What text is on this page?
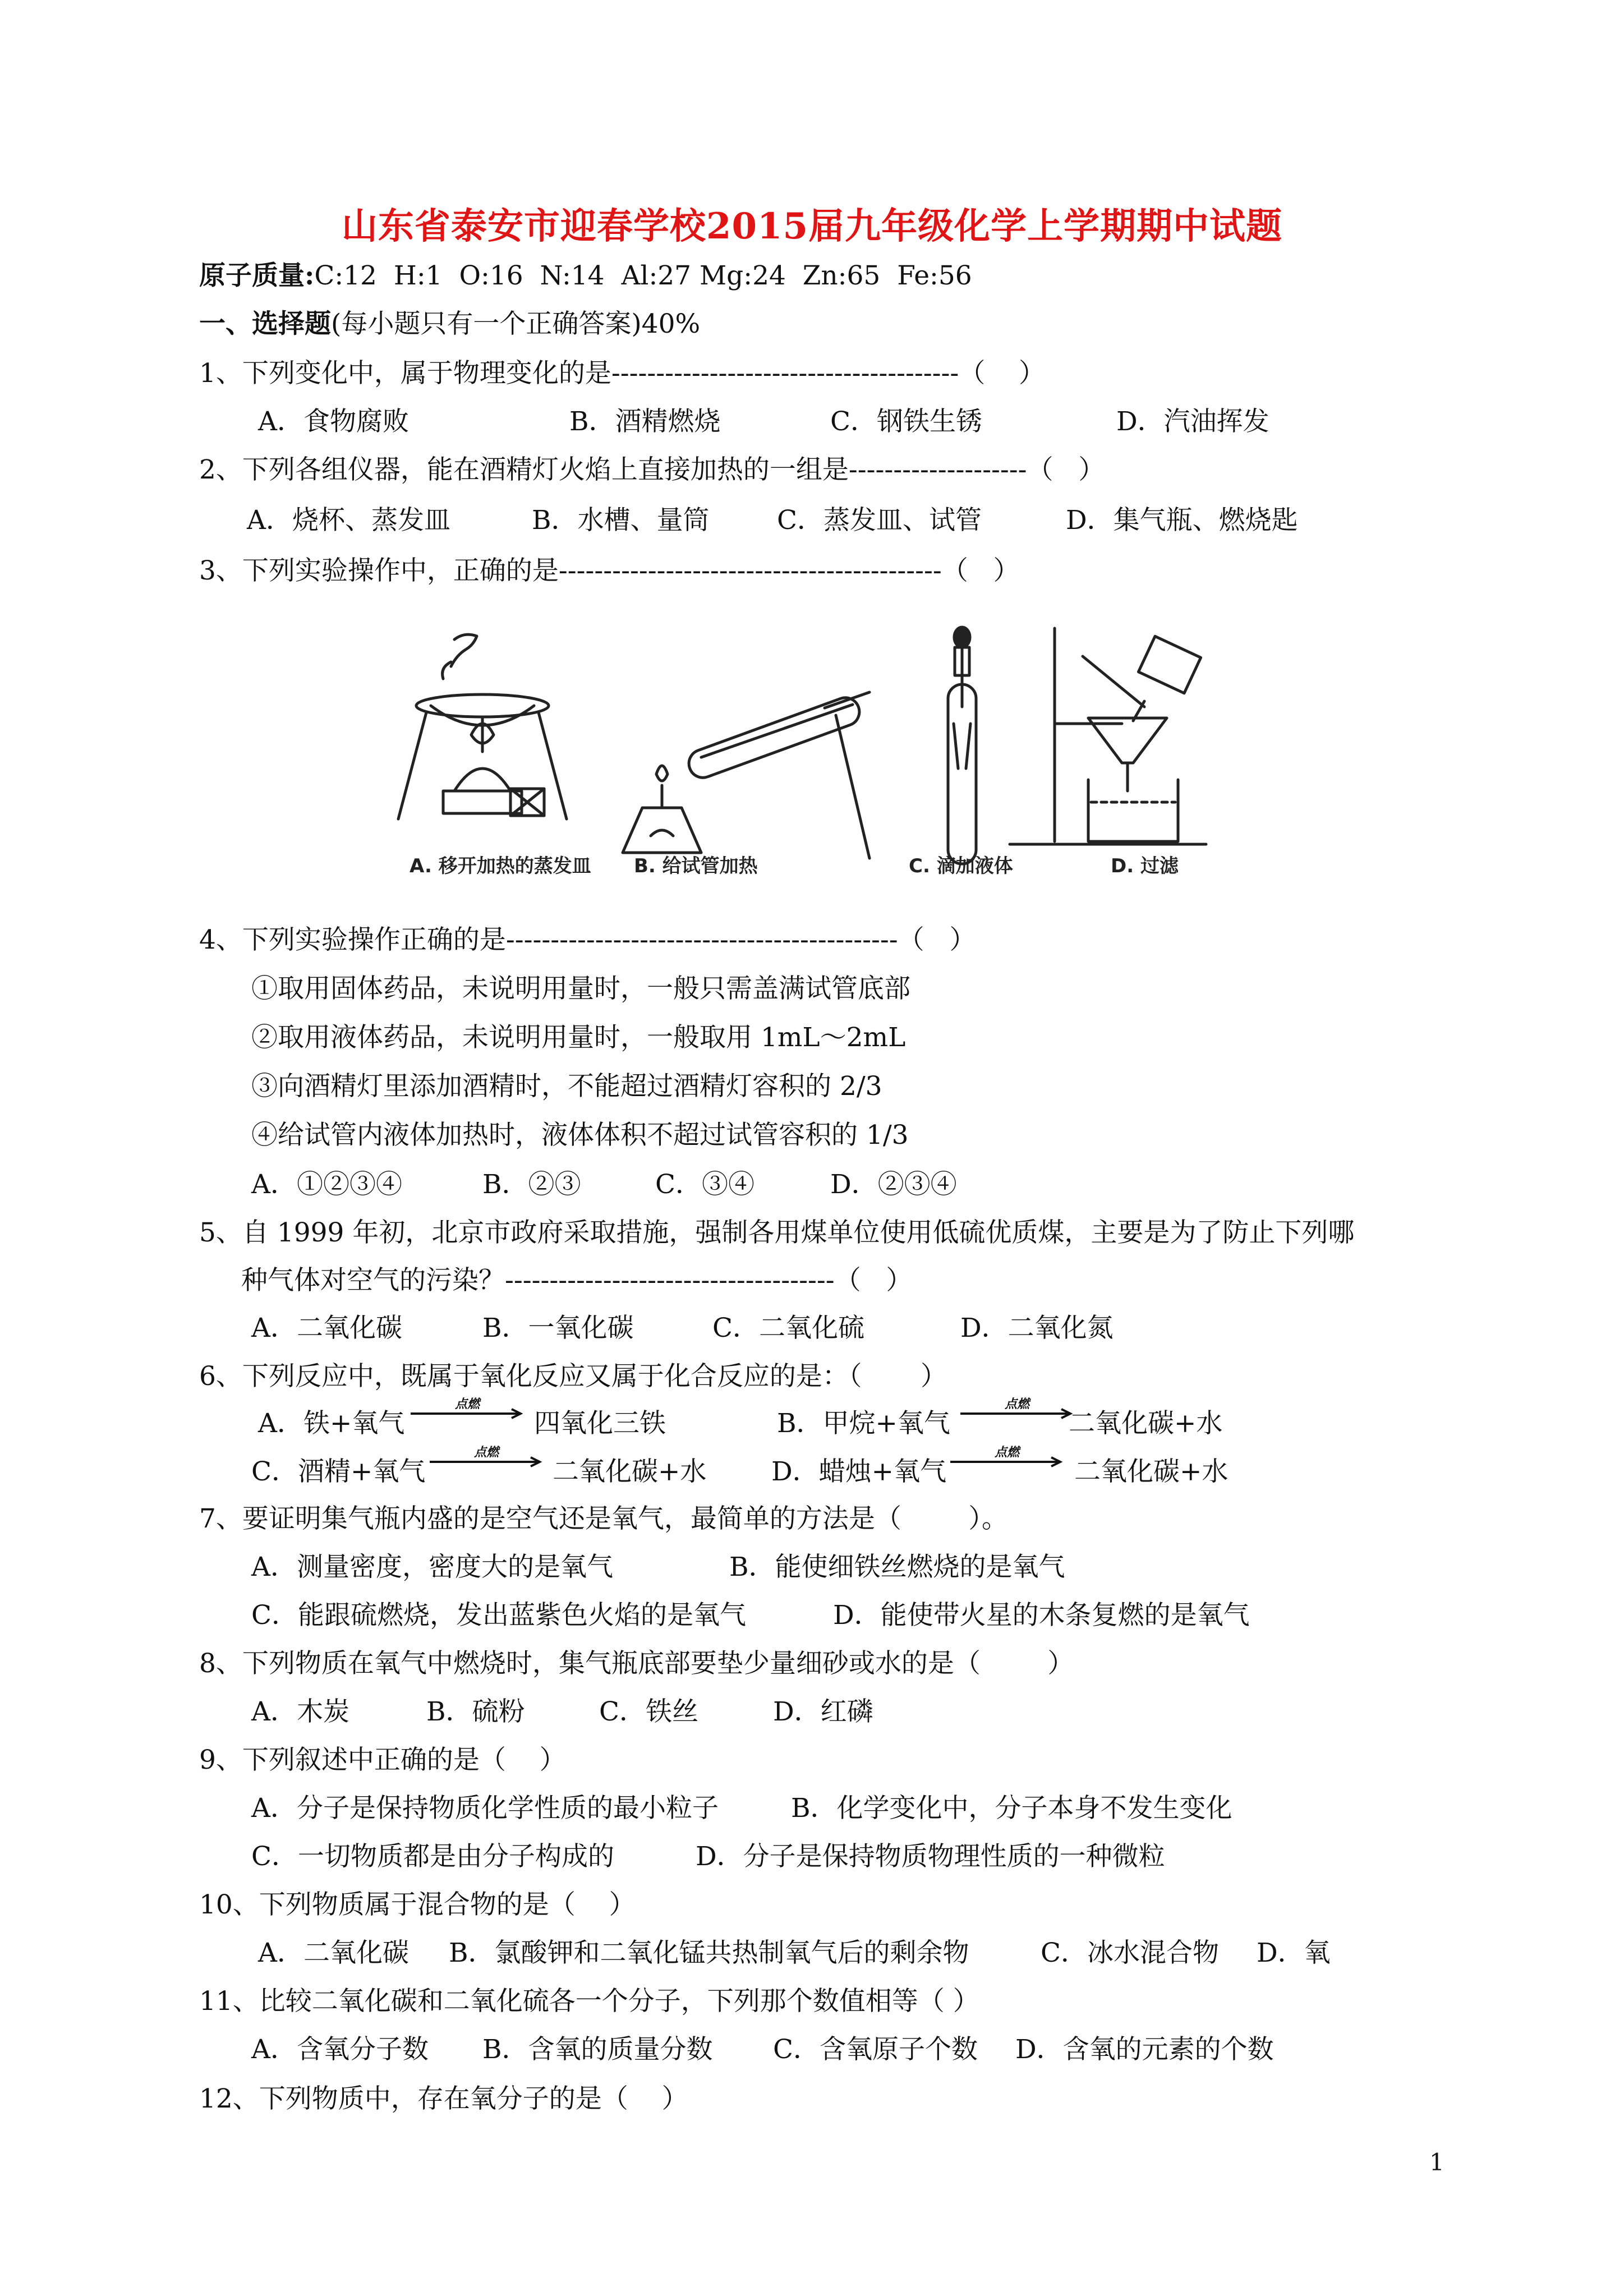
山东省泰安市迎春学校2015届九年级化学上学期期中试题
原子质量:C:12  H:1  O:16  N:14  Al:27 Mg:24  Zn:65  Fe:56
一、选择题(每小题只有一个正确答案)40%
1、下列变化中，属于物理变化的是---------------------------------------（    ）
A．食物腐败	B．酒精燃烧	C．钢铁生锈	D．汽油挥发
2、下列各组仪器，能在酒精灯火焰上直接加热的一组是--------------------（   ）
A．烧杯、蒸发皿	B．水槽、量筒	C．蒸发皿、试管	D．集气瓶、燃烧匙
3、下列实验操作中，正确的是-------------------------------------------（   ）
A. 移开加热的蒸发皿 B. 给试管加热	C. 滴加液体	D. 过滤
4、下列实验操作正确的是--------------------------------------------（   ）
①取用固体药品，未说明用量时，一般只需盖满试管底部
②取用液体药品，未说明用量时，一般取用 1mL～2mL
③向酒精灯里添加酒精时，不能超过酒精灯容积的 2/3
④给试管内液体加热时，液体体积不超过试管容积的 1/3
A．①②③④	B．②③	C．③④	D．②③④
5、自 1999 年初，北京市政府采取措施，强制各用煤单位使用低硫优质煤，主要是为了防止下列哪
种气体对空气的污染？-------------------------------------（   ）
A．二氧化碳	B．一氧化碳	C．二氧化硫	D．二氧化氮
6、下列反应中，既属于氧化反应又属于化合反应的是：（       ）
A．铁+氧气
点燃
四氧化三铁	B．甲烷+氧气
点燃
二氧化碳+水
C．酒精+氧气
点燃
二氧化碳+水 D．蜡烛+氧气
点燃
二氧化碳+水
7、要证明集气瓶内盛的是空气还是氧气，最简单的方法是（        ）。
A．测量密度，密度大的是氧气	B．能使细铁丝燃烧的是氧气
C．能跟硫燃烧，发出蓝紫色火焰的是氧气	D．能使带火星的木条复燃的是氧气
8、下列物质在氧气中燃烧时，集气瓶底部要垫少量细砂或水的是（        ）
A．木炭	B．硫粉	C．铁丝	D．红磷
9、下列叙述中正确的是（    ）
A．分子是保持物质化学性质的最小粒子	B．化学变化中，分子本身不发生变化
C．一切物质都是由分子构成的	D．分子是保持物质物理性质的一种微粒
10、下列物质属于混合物的是（    ）
A．二氧化碳 B．氯酸钾和二氧化锰共热制氧气后的剩余物	C．冰水混合物 D．氧
11、比较二氧化碳和二氧化硫各一个分子，下列那个数值相等（ ）
A．含氧分子数 B．含氧的质量分数 C．含氧原子个数 D．含氧的元素的个数
12、下列物质中，存在氧分子的是（    ）
1
